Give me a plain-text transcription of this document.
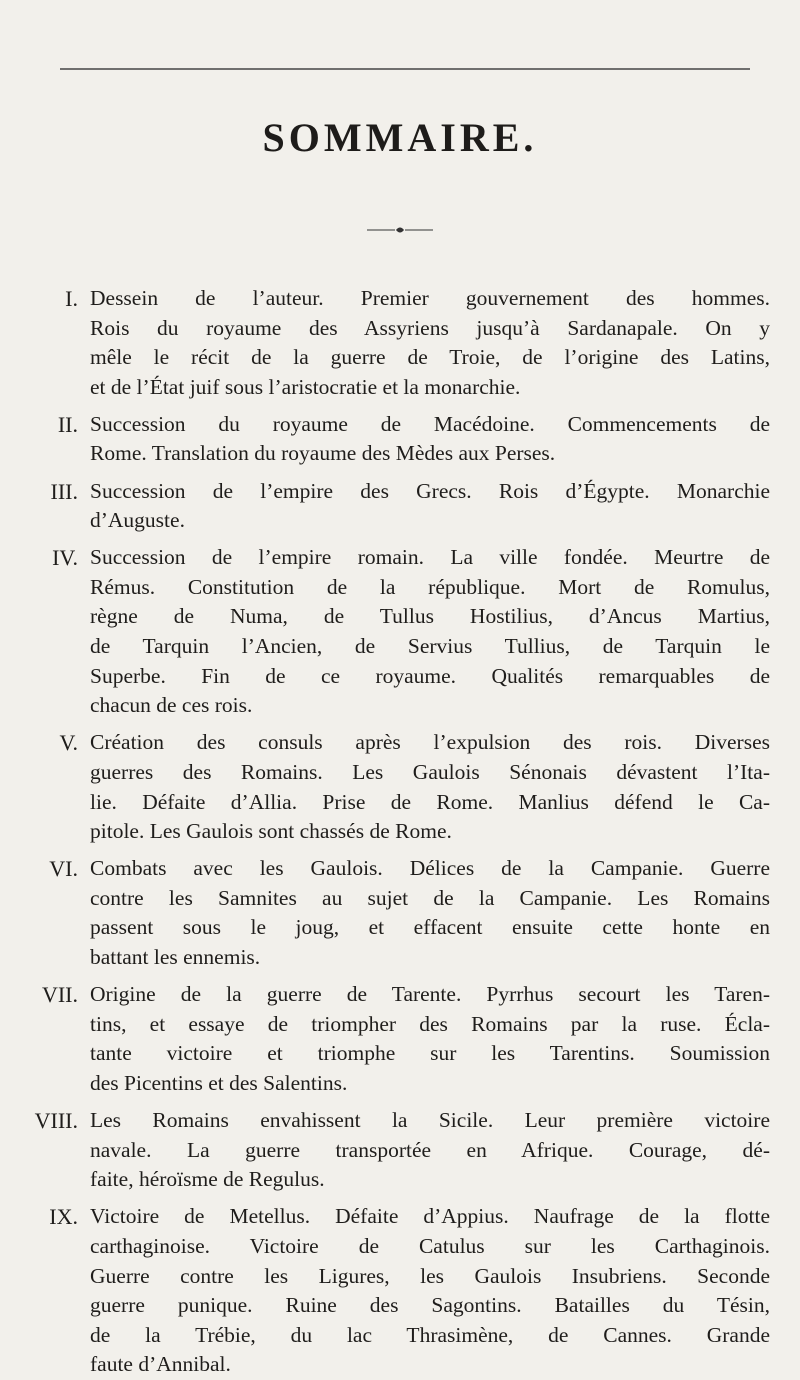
SOMMAIRE.
I. Dessein de l’auteur. Premier gouvernement des hommes.
Rois du royaume des Assyriens jusqu’à Sardanapale. On y
mêle le récit de la guerre de Troie, de l’origine des Latins,
et de l’État juif sous l’aristocratie et la monarchie.
II. Succession du royaume de Macédoine. Commencements de
Rome. Translation du royaume des Mèdes aux Perses.
III. Succession de l’empire des Grecs. Rois d’Égypte. Monarchie
d’Auguste.
IV. Succession de l’empire romain. La ville fondée. Meurtre de
Rémus. Constitution de la république. Mort de Romulus,
règne de Numa, de Tullus Hostilius, d’Ancus Martius,
de Tarquin l’Ancien, de Servius Tullius, de Tarquin le
Superbe. Fin de ce royaume. Qualités remarquables de
chacun de ces rois.
V. Création des consuls après l’expulsion des rois. Diverses
guerres des Romains. Les Gaulois Sénonais dévastent l’Ita-
lie. Défaite d’Allia. Prise de Rome. Manlius défend le Ca-
pitole. Les Gaulois sont chassés de Rome.
VI. Combats avec les Gaulois. Délices de la Campanie. Guerre
contre les Samnites au sujet de la Campanie. Les Romains
passent sous le joug, et effacent ensuite cette honte en
battant les ennemis.
VII. Origine de la guerre de Tarente. Pyrrhus secourt les Taren-
tins, et essaye de triompher des Romains par la ruse. Écla-
tante victoire et triomphe sur les Tarentins. Soumission
des Picentins et des Salentins.
VIII. Les Romains envahissent la Sicile. Leur première victoire
navale. La guerre transportée en Afrique. Courage, dé-
faite, héroïsme de Regulus.
IX. Victoire de Metellus. Défaite d’Appius. Naufrage de la flotte
carthaginoise. Victoire de Catulus sur les Carthaginois.
Guerre contre les Ligures, les Gaulois Insubriens. Seconde
guerre punique. Ruine des Sagontins. Batailles du Tésin,
de la Trébie, du lac Thrasimène, de Cannes. Grande
faute d’Annibal.
